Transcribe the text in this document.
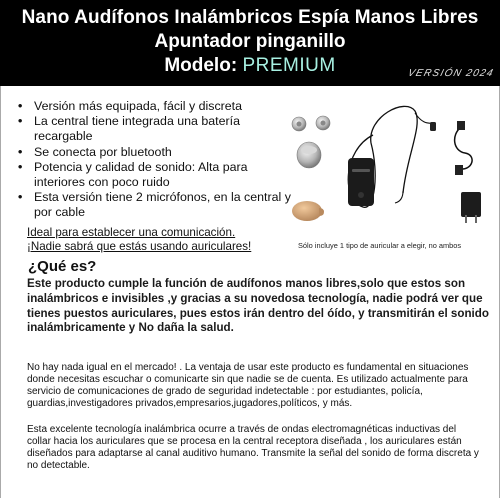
Nano Audífonos Inalámbricos Espía Manos Libres
Apuntador pinganillo
Modelo: PREMIUM	VERSIÓN 2024
• Versión más equipada, fácil y discreta
• La central tiene integrada una batería recargable
• Se conecta por bluetooth
• Potencia y calidad de sonido: Alta para interiores con poco ruido
• Esta versión tiene 2 micrófonos, en la central y por cable
Sólo incluye 1 tipo de auricular a elegir, no ambos
Ideal para establecer una comunicación.
¡Nadie sabrá que estás usando auriculares!
¿Qué es?
Este producto cumple la función de audífonos manos libres,solo que estos son inalámbricos e invisibles ,y gracias a su novedosa tecnología, nadie podrá ver que tienes puestos auriculares, pues estos irán dentro del óído, y transmitirán el sonido inalámbricamente y No daña la salud.
No hay nada igual en el mercado! . La ventaja de usar este producto es fundamental en situaciones donde necesitas escuchar o comunicarte sin que nadie se de cuenta. Es utilizado actualmente para servicio de comunicaciones de grado de seguridad indetectable : por estudiantes, policía, guardias,investigadores privados,empresarios,jugadores,políticos, y más.
Esta excelente tecnología inalámbrica ocurre a través de ondas electromagnéticas inductivas del collar hacia los auriculares que se procesa en la central receptora diseñada , los auriculares están diseñados para adaptarse al canal auditivo humano. Transmite la señal del sonido de forma discreta y no detectable.
